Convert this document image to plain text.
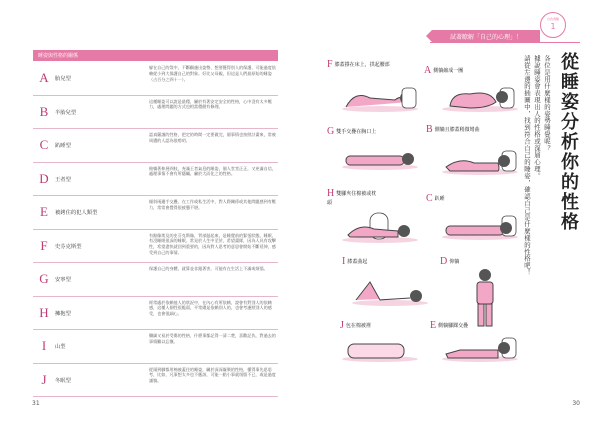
睡姿與性格的關係
A	胎兒型
躲在自己的殼中，不斷顧慮出姿勢、想要獲得別人的保護，可能過度依賴從小到大保護自己的對象。好比父母親，但這是人們最原始的睡姿（占百分之四十一）。
B	半胎兒型
這種睡姿可以說是最穩，屬於有著安定安全的性格，心中沒有太多壓力，處理問題的方式也相當穩健有條理。
C	趴睡型
認真嚴謹的性格，把定的時間一定要做完，個事情也按照計畫來，常被周遭的人認為很嘮叨。
D	王者型
俯躺著伸展四肢，充滿王者氣息的睡姿，個人堂堂正正，又充滿自信，處理事情不會有所隱瞞，屬於大而化之的性格。
E	被銬住的犯人類型
傾斜兩邊手交疊，在工作或私生活中，對人際關係或其他問題感到有壓力，常常會覺得很疲憊不堪。
F	史芬克斯型
有點像埃及的史芬克斯像，背部挺起來，是睡覺前的緊張狀態，睡眠，有沒睡眠很深的睡眠，常見於人生中至於，希望畫隊，因為人具有攻擊性，希望盡快就回到重要的，因為對人思考的意思會開始不斷延伸，感受到自己的事情。
G	安寧型
保護自己的身體，就算並非跟著害，可能有在生活上不滿或煩惱。
H	擁抱型
經常處於依賴他人的狀況中，在內心有所依賴，說會有對別人的依賴感，這種人個性很脆弱，平常總是依賴別人的，也會考慮照別人的感受，也會很細心。
I	山型
纖細又易於受傷的性格，什麼事都記得一清二楚，喜歡記仇，對過去的事情難以忘懷。
J	冬眠型
從頭到腳都用棉被蓋住的睡姿，屬於深深凝聚的性格，懂得事先思思考，比如，凡事想太多也不應該，可能一點小事就煩惱不已，或是過度謹慎。
31	30
自我測驗
1
試著瞭解「自己的心理」！
從睡姿分析你的性格
各位是用什麼樣的姿勢睡覺呢？
據說睡姿會表現出人的性格或深層心理。
請從左邊的插圖中，找到符合自己的睡姿，確認自己是什麼樣的性格吧！
F膝蓋撐在床上，拱起腰部	A側躺縮成一團
G雙手交疊在胸口上	B側躺且膝蓋稍微彎曲
H雙腳夾住棉被或枕頭	C趴睡
I膝蓋曲起	D仰躺
J包在棉被裡	E側躺腳踝交疊
